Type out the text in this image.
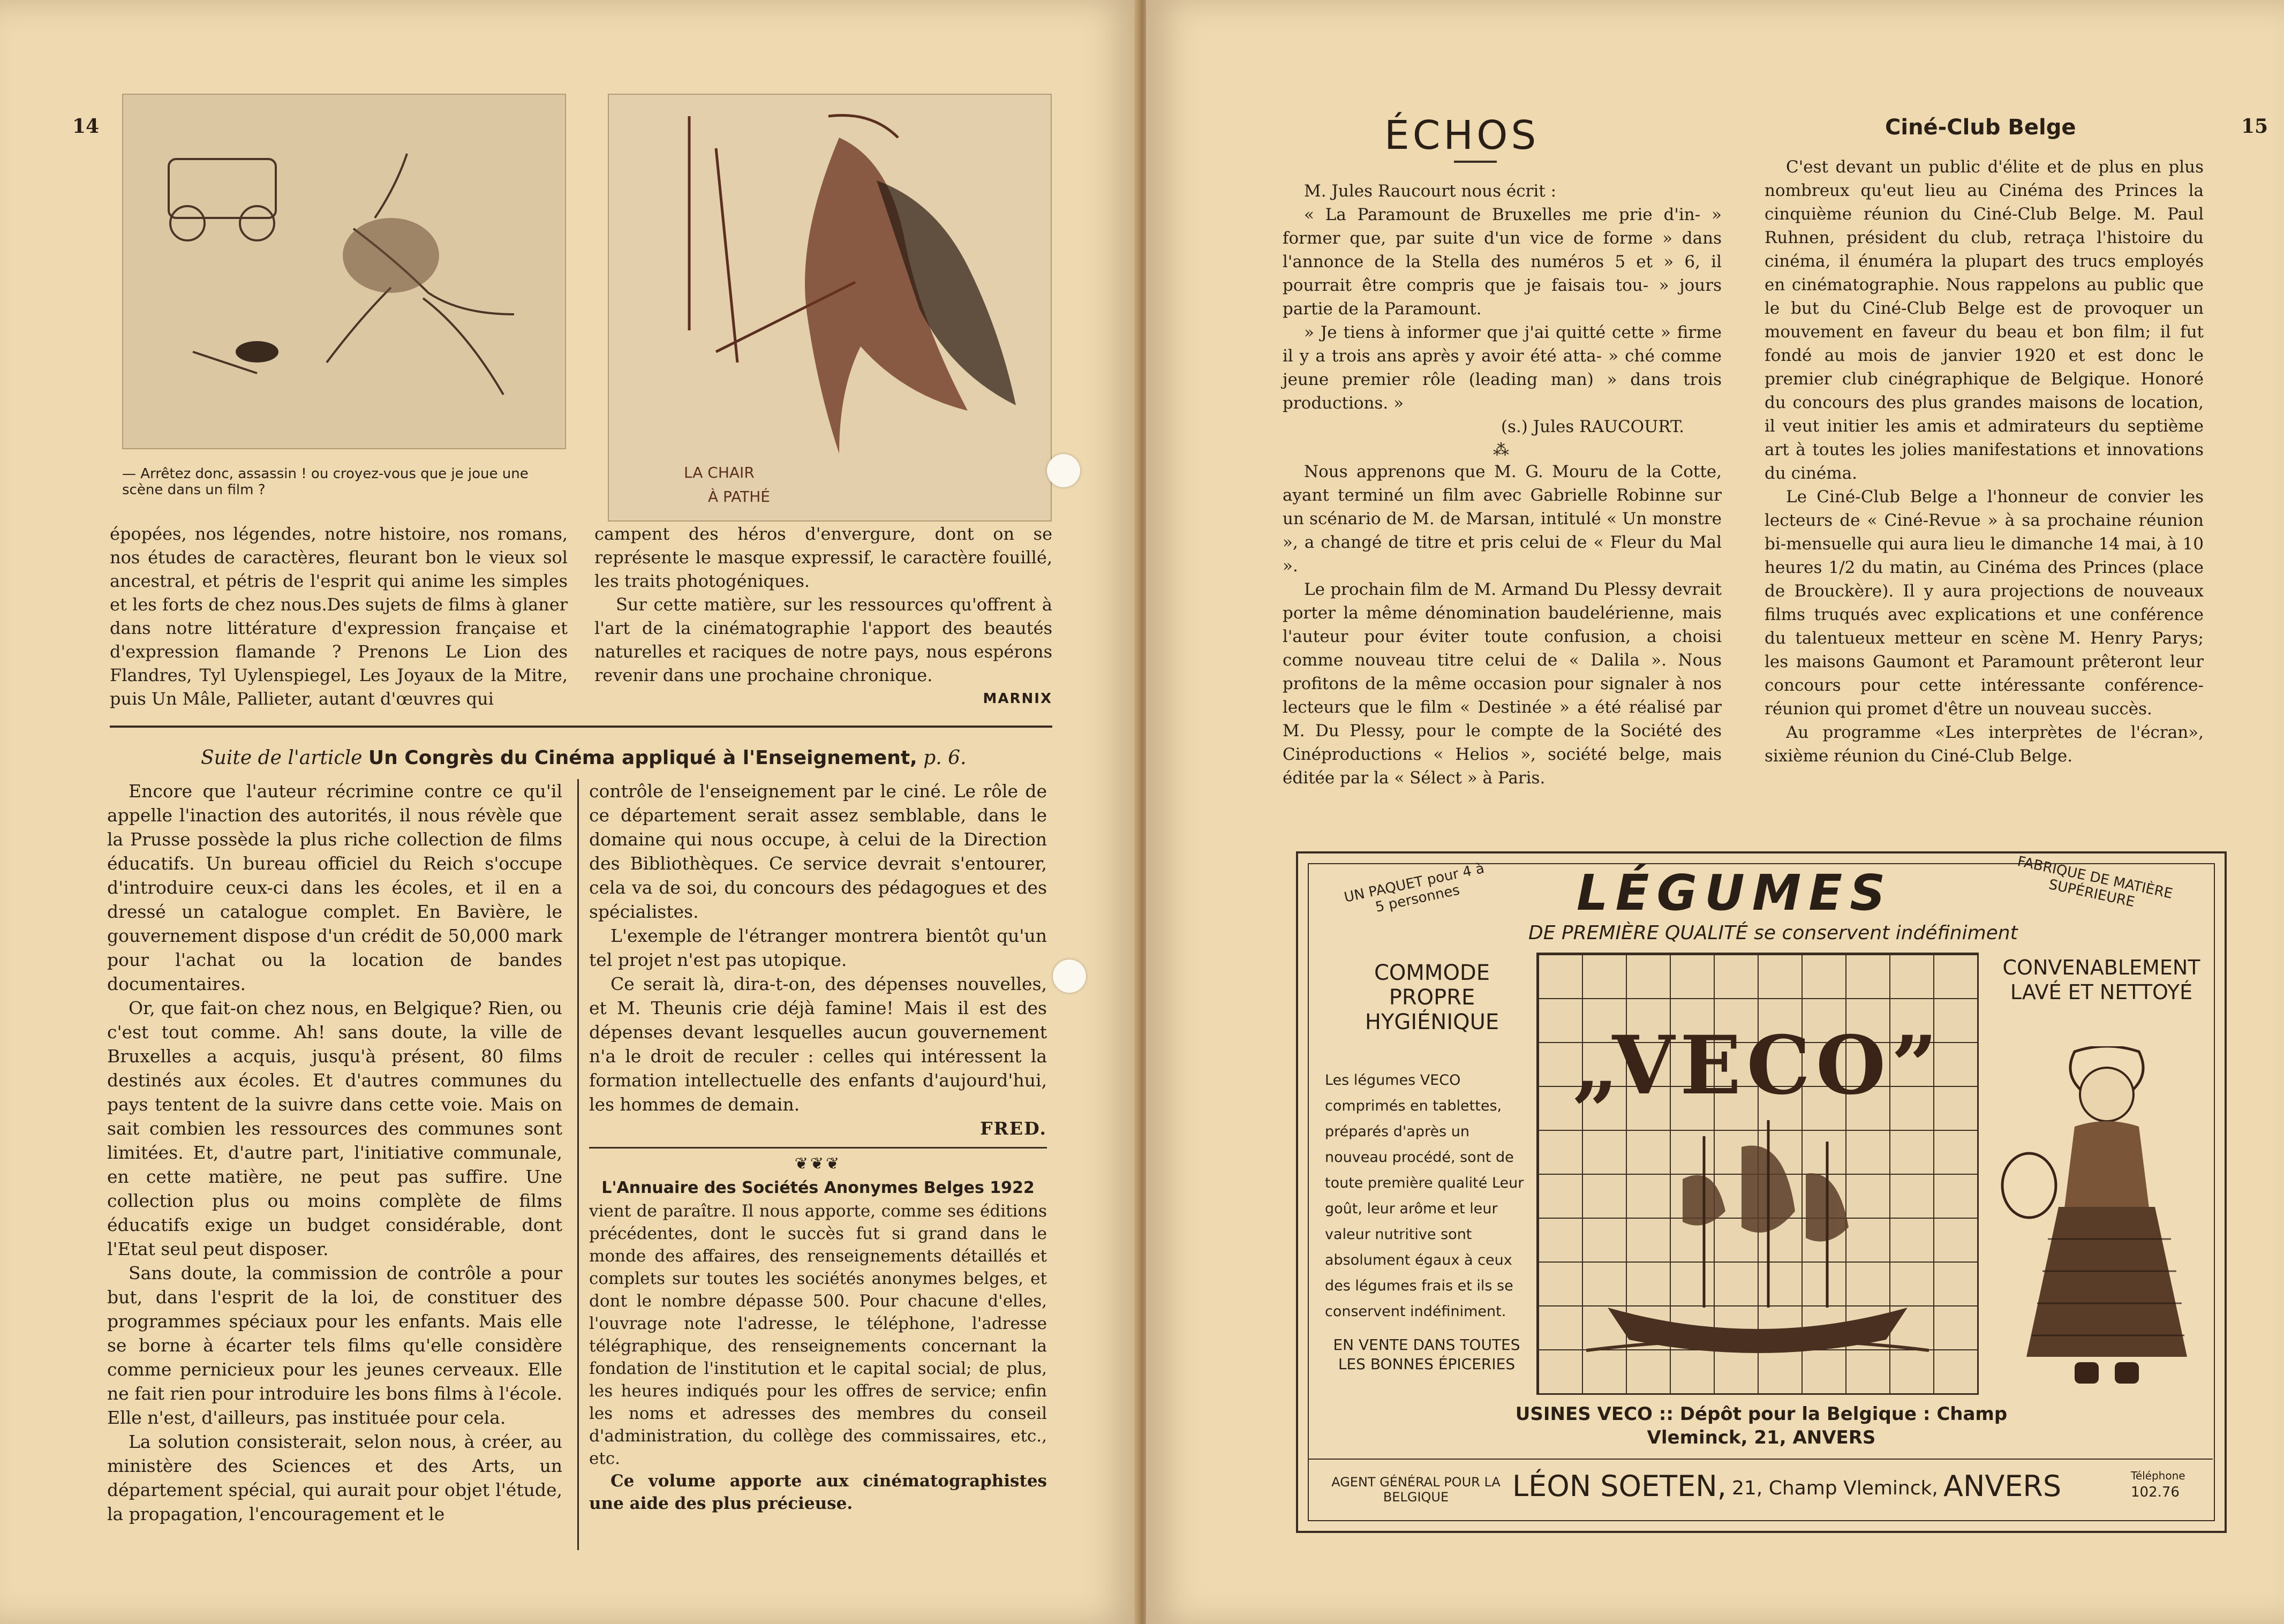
14
— Arrêtez donc, assassin ! ou croyez-vous que je joue une scène dans un film ?
LA CHAIR
À PATHÉ

épopées, nos légendes, notre histoire, nos romans, nos études de caractères, fleurant bon le vieux sol ancestral, et pétris de l'esprit qui anime les simples et les forts de chez nous.Des sujets de films à glaner dans notre littérature d'expression française et d'expression flamande ? Prenons Le Lion des Flandres, Tyl Uylenspiegel, Les Joyaux de la Mitre, puis Un Mâle, Pallieter, autant d'œuvres qui

campent des héros d'envergure, dont on se représente le masque expressif, le caractère fouillé, les traits photogéniques.

Sur cette matière, sur les ressources qu'offrent à l'art de la cinématographie l'apport des beautés naturelles et raciques de notre pays, nous espérons revenir dans une prochaine chronique.

MARNIX
Suite de l'article Un Congrès du Cinéma appliqué à l'Enseignement, p. 6.

Encore que l'auteur récrimine contre ce qu'il appelle l'inaction des autorités, il nous révèle que la Prusse possède la plus riche collection de films éducatifs. Un bureau officiel du Reich s'occupe d'introduire ceux-ci dans les écoles, et il en a dressé un catalogue complet. En Bavière, le gouvernement dispose d'un crédit de 50,000 mark pour l'achat ou la location de bandes documentaires.

Or, que fait-on chez nous, en Belgique? Rien, ou c'est tout comme. Ah! sans doute, la ville de Bruxelles a acquis, jusqu'à présent, 80 films destinés aux écoles. Et d'autres communes du pays tentent de la suivre dans cette voie. Mais on sait combien les ressources des communes sont limitées. Et, d'autre part, l'initiative communale, en cette matière, ne peut pas suffire. Une collection plus ou moins complète de films éducatifs exige un budget considérable, dont l'Etat seul peut disposer.

Sans doute, la commission de contrôle a pour but, dans l'esprit de la loi, de constituer des programmes spéciaux pour les enfants. Mais elle se borne à écarter tels films qu'elle considère comme pernicieux pour les jeunes cerveaux. Elle ne fait rien pour introduire les bons films à l'école. Elle n'est, d'ailleurs, pas instituée pour cela.

La solution consisterait, selon nous, à créer, au ministère des Sciences et des Arts, un département spécial, qui aurait pour objet l'étude, la propagation, l'encouragement et le

contrôle de l'enseignement par le ciné. Le rôle de ce département serait assez semblable, dans le domaine qui nous occupe, à celui de la Direction des Bibliothèques. Ce service devrait s'entourer, cela va de soi, du concours des pédagogues et des spécialistes.

L'exemple de l'étranger montrera bientôt qu'un tel projet n'est pas utopique.

Ce serait là, dira-t-on, des dépenses nouvelles, et M. Theunis crie déjà famine! Mais il est des dépenses devant lesquelles aucun gouvernement n'a le droit de reculer : celles qui intéressent la formation intellectuelle des enfants d'aujourd'hui, les hommes de demain.

FRED.
❦❦❦
L'Annuaire des Sociétés Anonymes Belges 1922

vient de paraître. Il nous apporte, comme ses éditions précédentes, dont le succès fut si grand dans le monde des affaires, des renseignements détaillés et complets sur toutes les sociétés anonymes belges, et dont le nombre dépasse 500. Pour chacune d'elles, l'ouvrage note l'adresse, le téléphone, l'adresse télégraphique, des renseignements concernant la fondation de l'institution et le capital social; de plus, les heures indiqués pour les offres de service; enfin les noms et adresses des membres du conseil d'administration, du collège des commissaires, etc., etc.

Ce volume apporte aux cinématographistes une aide des plus précieuse.

15
ÉCHOS	Ciné-Club Belge

M. Jules Raucourt nous écrit :

« La Paramount de Bruxelles me prie d'in- » former que, par suite d'un vice de forme » dans l'annonce de la Stella des numéros 5 et » 6, il pourrait être compris que je faisais tou- » jours partie de la Paramount.

» Je tiens à informer que j'ai quitté cette » firme il y a trois ans après y avoir été atta- » ché comme jeune premier rôle (leading man) » dans trois productions. »

(s.) Jules RAUCOURT.
⁂

Nous apprenons que M. G. Mouru de la Cotte, ayant terminé un film avec Gabrielle Robinne sur un scénario de M. de Marsan, intitulé « Un monstre », a changé de titre et pris celui de « Fleur du Mal ».

Le prochain film de M. Armand Du Plessy devrait porter la même dénomination baudelérienne, mais l'auteur pour éviter toute confusion, a choisi comme nouveau titre celui de « Dalila ». Nous profitons de la même occasion pour signaler à nos lecteurs que le film « Destinée » a été réalisé par M. Du Plessy, pour le compte de la Société des Cinéproductions « Helios », société belge, mais éditée par la « Sélect » à Paris.

C'est devant un public d'élite et de plus en plus nombreux qu'eut lieu au Cinéma des Princes la cinquième réunion du Ciné-Club Belge. M. Paul Ruhnen, président du club, retraça l'histoire du cinéma, il énuméra la plupart des trucs employés en cinématographie. Nous rappelons au public que le but du Ciné-Club Belge est de provoquer un mouvement en faveur du beau et bon film; il fut fondé au mois de janvier 1920 et est donc le premier club cinégraphique de Belgique. Honoré du concours des plus grandes maisons de location, il veut initier les amis et admirateurs du septième art à toutes les jolies manifestations et innovations du cinéma.

Le Ciné-Club Belge a l'honneur de convier les lecteurs de « Ciné-Revue » à sa prochaine réunion bi-mensuelle qui aura lieu le dimanche 14 mai, à 10 heures 1/2 du matin, au Cinéma des Princes (place de Brouckère). Il y aura projections de nouveaux films truqués avec explications et une conférence du talentueux metteur en scène M. Henry Parys; les maisons Gaumont et Paramount prêteront leur concours pour cette intéressante conférence-réunion qui promet d'être un nouveau succès.

Au programme «Les interprètes de l'écran», sixième réunion du Ciné-Club Belge.

UN PAQUET pour 4 à 5 personnes	LÉGUMES
DE PREMIÈRE QUALITÉ se conservent indéfiniment
FABRIQUE DE MATIÈRE SUPÉRIEURE
COMMODE PROPRE HYGIÉNIQUE
CONVENABLEMENT LAVÉ ET NETTOYÉ
„VECO”
Les légumes VECO comprimés en tablettes, préparés d'après un nouveau procédé, sont de toute première qualité Leur goût, leur arôme et leur valeur nutritive sont absolument égaux à ceux des légumes frais et ils se conservent indéfiniment.
EN VENTE DANS TOUTES LES BONNES ÉPICERIES
USINES VECO :: Dépôt pour la Belgique : Champ Vleminck, 21, ANVERS
AGENT GÉNÉRAL POUR LA BELGIQUE	LÉON SOETEN, 21, Champ Vleminck, ANVERS	Téléphone
102.76
